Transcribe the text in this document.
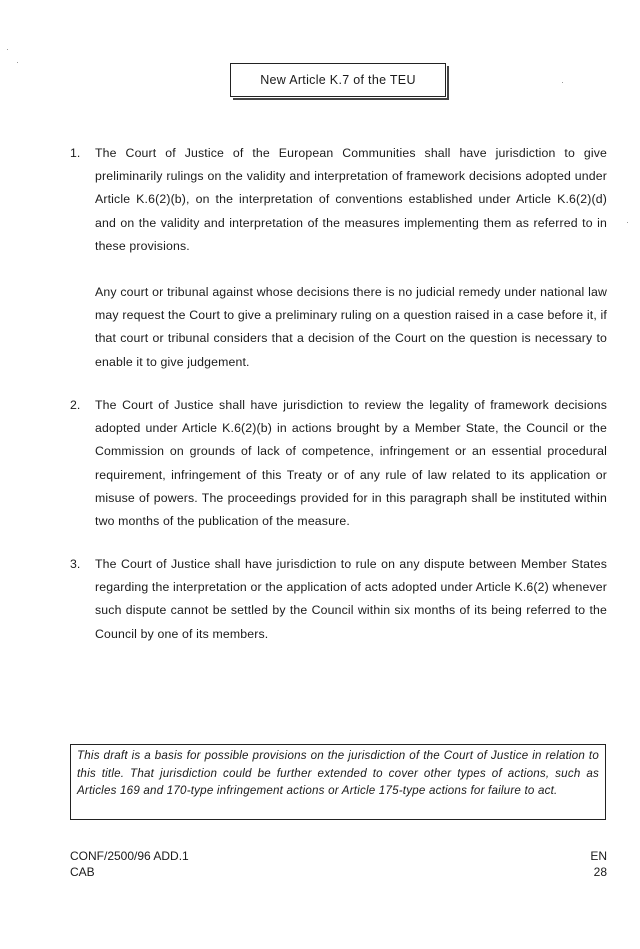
New Article K.7 of the TEU
1. The Court of Justice of the European Communities shall have jurisdiction to give preliminarily rulings on the validity and interpretation of framework decisions adopted under Article K.6(2)(b), on the interpretation of conventions established under Article K.6(2)(d) and on the validity and interpretation of the measures implementing them as referred to in these provisions.
Any court or tribunal against whose decisions there is no judicial remedy under national law may request the Court to give a preliminary ruling on a question raised in a case before it, if that court or tribunal considers that a decision of the Court on the question is necessary to enable it to give judgement.
2. The Court of Justice shall have jurisdiction to review the legality of framework decisions adopted under Article K.6(2)(b) in actions brought by a Member State, the Council or the Commission on grounds of lack of competence, infringement or an essential procedural requirement, infringement of this Treaty or of any rule of law related to its application or misuse of powers. The proceedings provided for in this paragraph shall be instituted within two months of the publication of the measure.
3. The Court of Justice shall have jurisdiction to rule on any dispute between Member States regarding the interpretation or the application of acts adopted under Article K.6(2) whenever such dispute cannot be settled by the Council within six months of its being referred to the Council by one of its members.
This draft is a basis for possible provisions on the jurisdiction of the Court of Justice in relation to this title. That jurisdiction could be further extended to cover other types of actions, such as Articles 169 and 170-type infringement actions or Article 175-type actions for failure to act.
CONF/2500/96 ADD.1
CAB
EN
28
